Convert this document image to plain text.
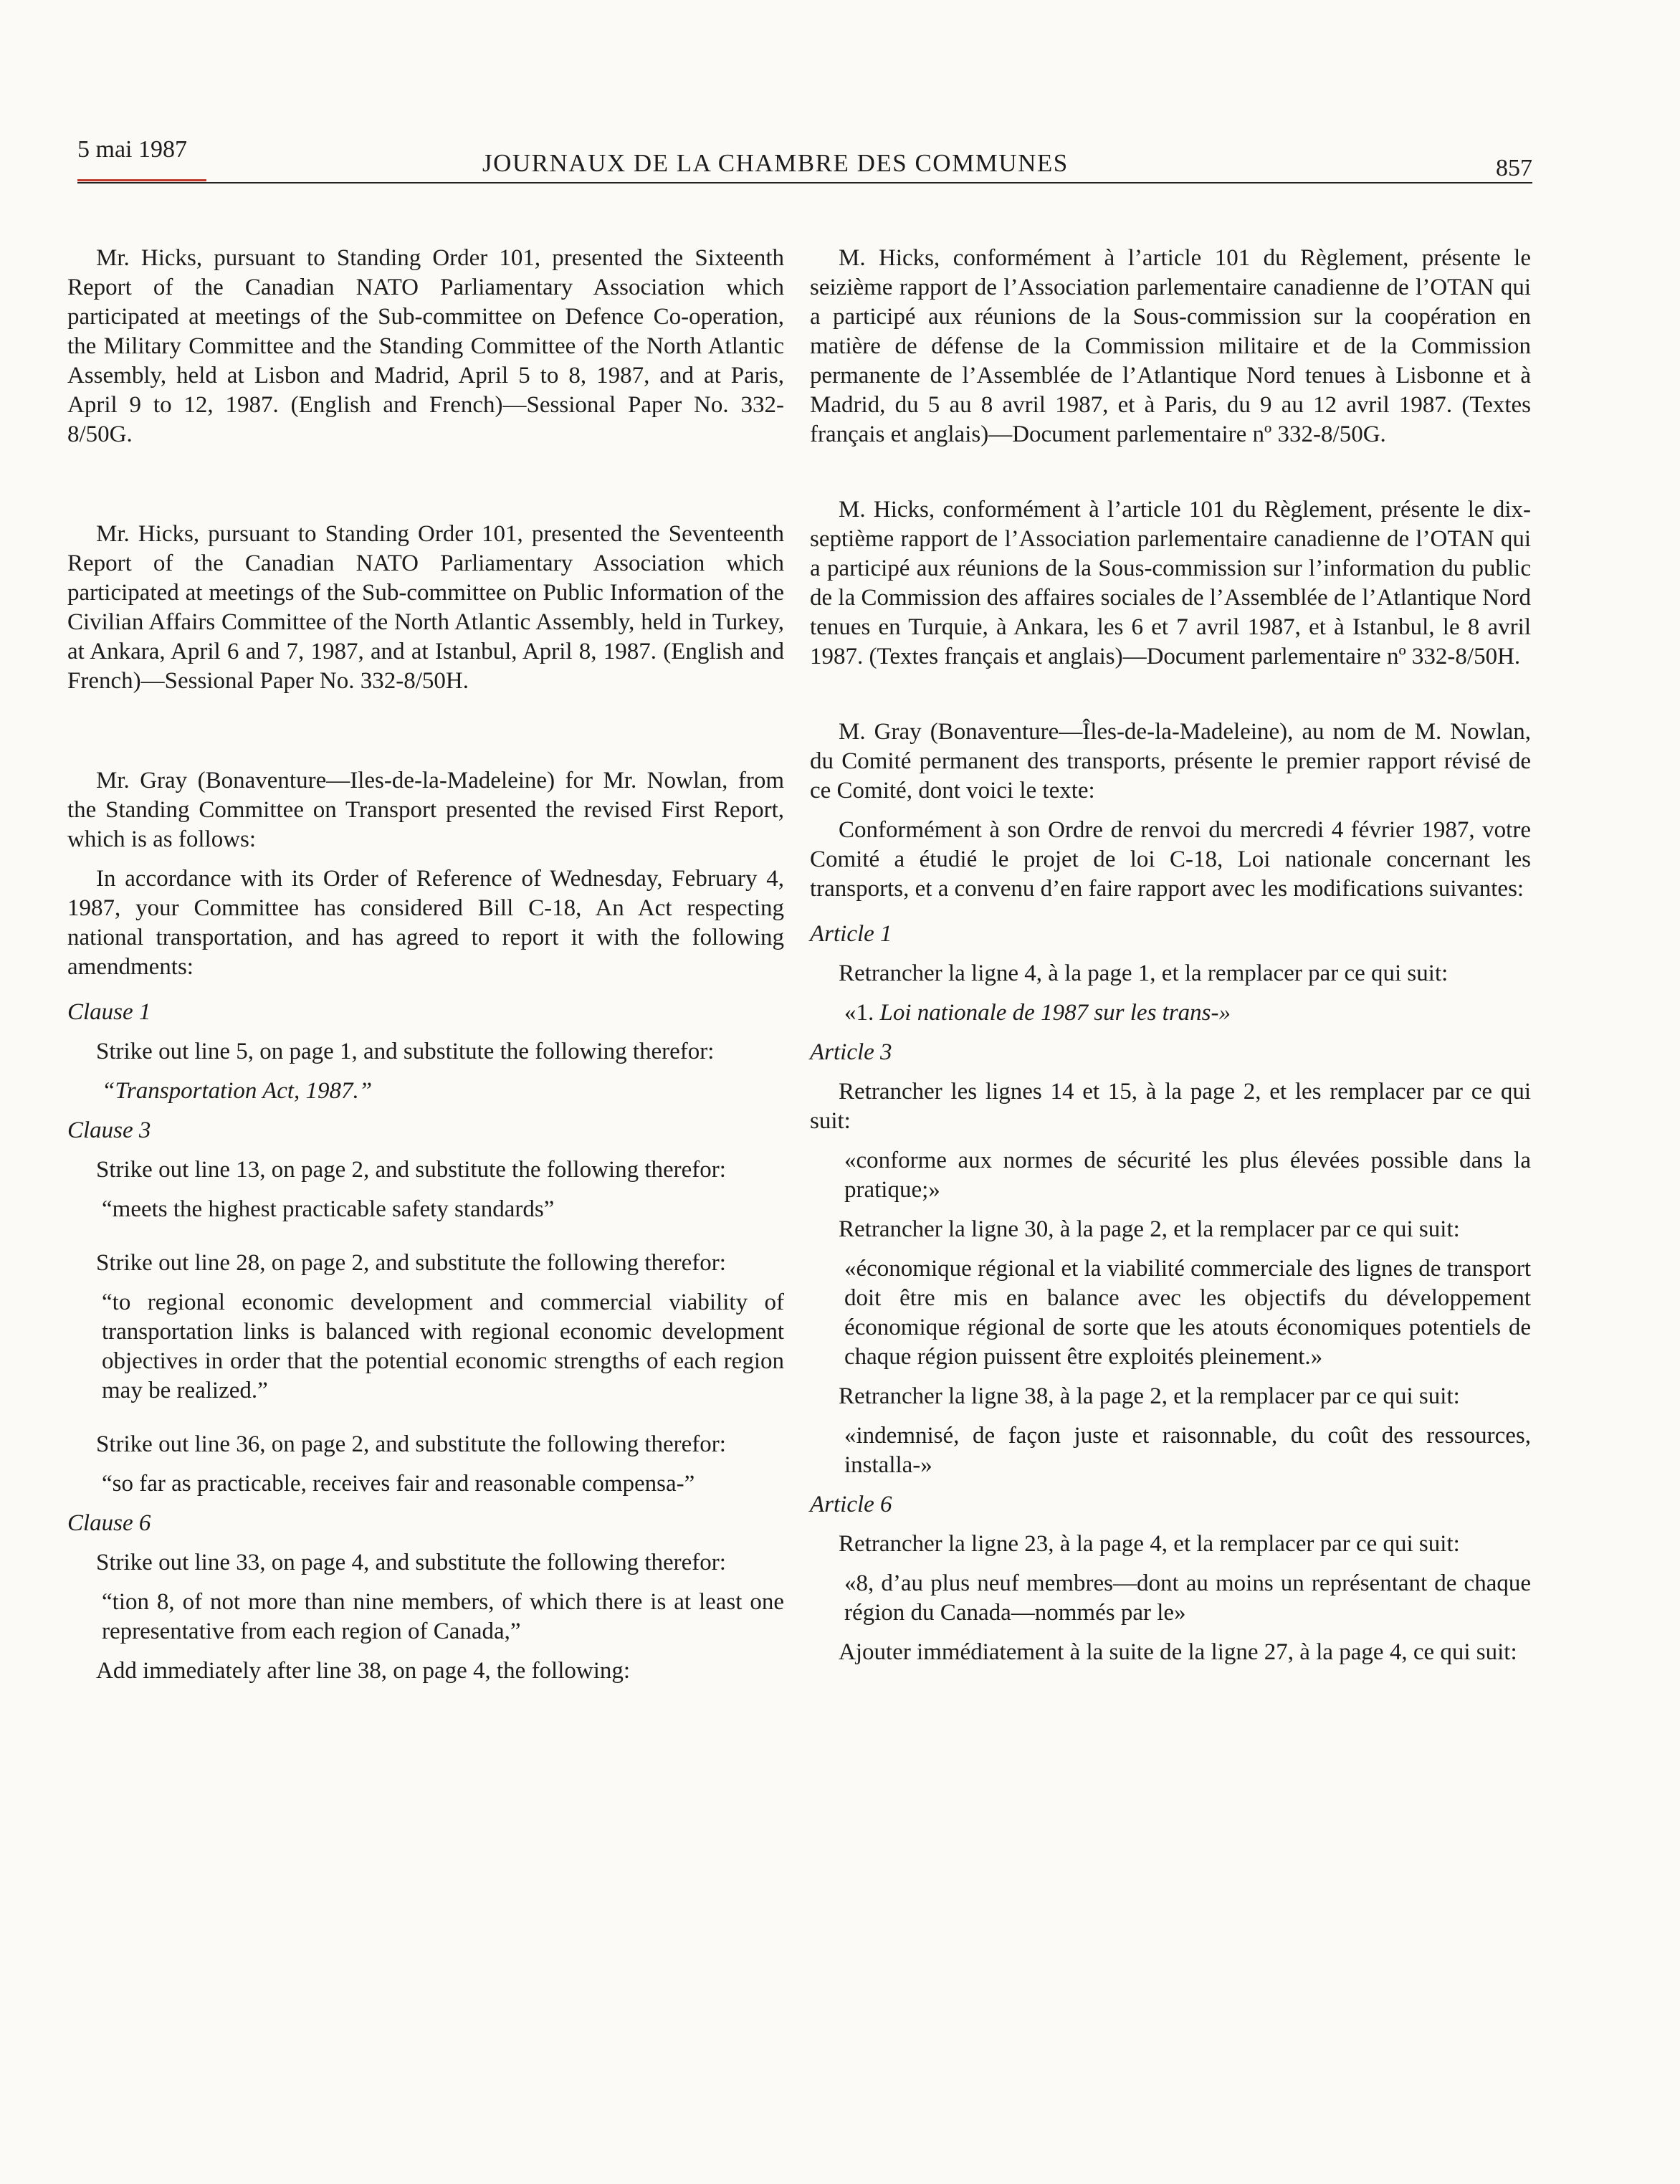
5 mai 1987	JOURNAUX DE LA CHAMBRE DES COMMUNES	857

Mr. Hicks, pursuant to Standing Order 101, presented the Sixteenth Report of the Canadian NATO Parliamentary Association which participated at meetings of the Sub-committee on Defence Co-operation, the Military Committee and the Standing Committee of the North Atlantic Assembly, held at Lisbon and Madrid, April 5 to 8, 1987, and at Paris, April 9 to 12, 1987. (English and French)—Sessional Paper No. 332-8/50G.

Mr. Hicks, pursuant to Standing Order 101, presented the Seventeenth Report of the Canadian NATO Parliamentary Association which participated at meetings of the Sub-committee on Public Information of the Civilian Affairs Committee of the North Atlantic Assembly, held in Turkey, at Ankara, April 6 and 7, 1987, and at Istanbul, April 8, 1987. (English and French)—Sessional Paper No. 332-8/50H.

Mr. Gray (Bonaventure—Iles-de-la-Madeleine) for Mr. Nowlan, from the Standing Committee on Transport presented the revised First Report, which is as follows:

In accordance with its Order of Reference of Wednesday, February 4, 1987, your Committee has considered Bill C-18, An Act respecting national transportation, and has agreed to report it with the following amendments:

Clause 1

Strike out line 5, on page 1, and substitute the following therefor:

“Transportation Act, 1987.”

Clause 3

Strike out line 13, on page 2, and substitute the following therefor:

“meets the highest practicable safety standards”

Strike out line 28, on page 2, and substitute the following therefor:

“to regional economic development and commercial viability of transportation links is balanced with regional economic development objectives in order that the potential economic strengths of each region may be realized.”

Strike out line 36, on page 2, and substitute the following therefor:

“so far as practicable, receives fair and reasonable compensa-”

Clause 6

Strike out line 33, on page 4, and substitute the following therefor:

“tion 8, of not more than nine members, of which there is at least one representative from each region of Canada,”

Add immediately after line 38, on page 4, the following:

M. Hicks, conformément à l’article 101 du Règlement, présente le seizième rapport de l’Association parlementaire canadienne de l’OTAN qui a participé aux réunions de la Sous-commission sur la coopération en matière de défense de la Commission militaire et de la Commission permanente de l’Assemblée de l’Atlantique Nord tenues à Lisbonne et à Madrid, du 5 au 8 avril 1987, et à Paris, du 9 au 12 avril 1987. (Textes français et anglais)—Document parlementaire nº 332-8/50G.

M. Hicks, conformément à l’article 101 du Règlement, présente le dix-septième rapport de l’Association parlementaire canadienne de l’OTAN qui a participé aux réunions de la Sous-commission sur l’information du public de la Commission des affaires sociales de l’Assemblée de l’Atlantique Nord tenues en Turquie, à Ankara, les 6 et 7 avril 1987, et à Istanbul, le 8 avril 1987. (Textes français et anglais)—Document parlementaire nº 332-8/50H.

M. Gray (Bonaventure—Îles-de-la-Madeleine), au nom de M. Nowlan, du Comité permanent des transports, présente le premier rapport révisé de ce Comité, dont voici le texte:

Conformément à son Ordre de renvoi du mercredi 4 février 1987, votre Comité a étudié le projet de loi C-18, Loi nationale concernant les transports, et a convenu d’en faire rapport avec les modifications suivantes:

Article 1

Retrancher la ligne 4, à la page 1, et la remplacer par ce qui suit:

«1. Loi nationale de 1987 sur les trans-»

Article 3

Retrancher les lignes 14 et 15, à la page 2, et les remplacer par ce qui suit:

«conforme aux normes de sécurité les plus élevées possible dans la pratique;»

Retrancher la ligne 30, à la page 2, et la remplacer par ce qui suit:

«économique régional et la viabilité commerciale des lignes de transport doit être mis en balance avec les objectifs du développement économique régional de sorte que les atouts économiques potentiels de chaque région puissent être exploités pleinement.»

Retrancher la ligne 38, à la page 2, et la remplacer par ce qui suit:

«indemnisé, de façon juste et raisonnable, du coût des ressources, installa-»

Article 6

Retrancher la ligne 23, à la page 4, et la remplacer par ce qui suit:

«8, d’au plus neuf membres—dont au moins un représentant de chaque région du Canada—nommés par le»

Ajouter immédiatement à la suite de la ligne 27, à la page 4, ce qui suit:
